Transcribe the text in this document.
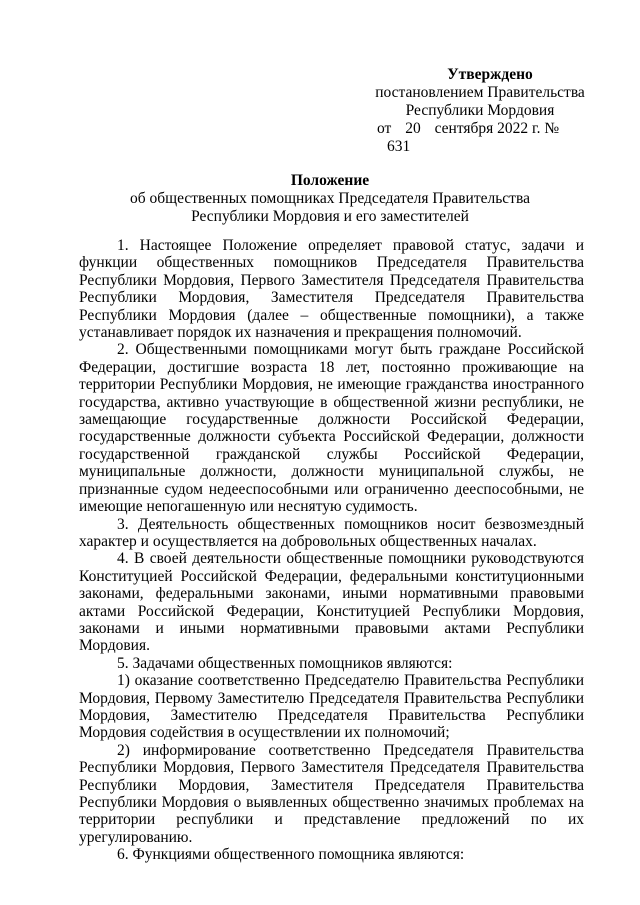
Утверждено
постановлением Правительства
Республики Мордовия
от 20 сентября 2022 г. № 631
Положение
об общественных помощниках Председателя Правительства
Республики Мордовия и его заместителей

1. Настоящее Положение определяет правовой статус, задачи и функции общественных помощников Председателя Правительства Республики Мордовия, Первого Заместителя Председателя Правительства Республики Мордовия, Заместителя Председателя Правительства Республики Мордовия (далее – общественные помощники), а также устанавливает порядок их назначения и прекращения полномочий.

2. Общественными помощниками могут быть граждане Российской Федерации, достигшие возраста 18 лет, постоянно проживающие на территории Республики Мордовия, не имеющие гражданства иностранного государства, активно участвующие в общественной жизни республики, не замещающие государственные должности Российской Федерации, государственные должности субъекта Российской Федерации, должности государственной гражданской службы Российской Федерации, муниципальные должности, должности муниципальной службы, не признанные судом недееспособными или ограниченно дееспособными, не имеющие непогашенную или неснятую судимость.

3. Деятельность общественных помощников носит безвозмездный характер и осуществляется на добровольных общественных началах.

4. В своей деятельности общественные помощники руководствуются Конституцией Российской Федерации, федеральными конституционными законами, федеральными законами, иными нормативными правовыми актами Российской Федерации, Конституцией Республики Мордовия, законами и иными нормативными правовыми актами Республики Мордовия.

5. Задачами общественных помощников являются:

1) оказание соответственно Председателю Правительства Республики Мордовия, Первому Заместителю Председателя Правительства Республики Мордовия, Заместителю Председателя Правительства Республики Мордовия содействия в осуществлении их полномочий;

2) информирование соответственно Председателя Правительства Республики Мордовия, Первого Заместителя Председателя Правительства Республики Мордовия, Заместителя Председателя Правительства Республики Мордовия о выявленных общественно значимых проблемах на территории республики и представление предложений по их урегулированию.

6. Функциями общественного помощника являются:
